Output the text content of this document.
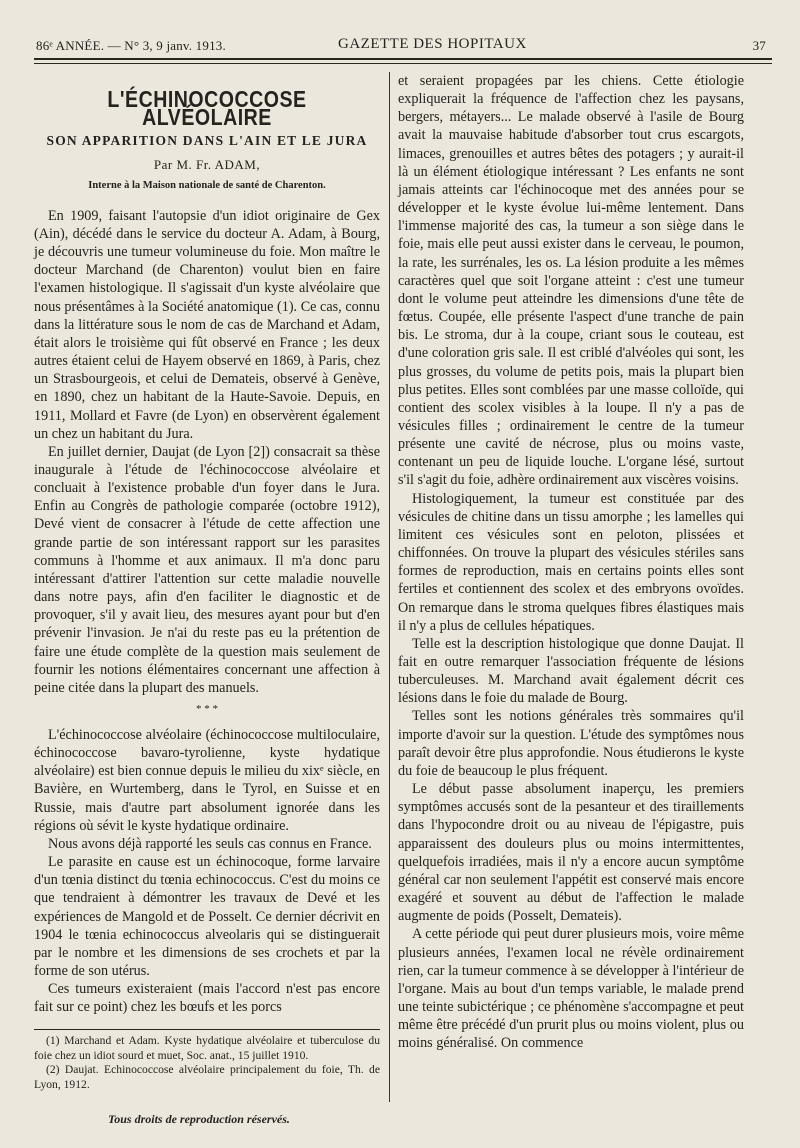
86ᵉ ANNÉE. — N° 3, 9 janv. 1913.	GAZETTE DES HOPITAUX	37
L'ÉCHINOCOCCOSE ALVÉOLAIRE
SON APPARITION DANS L'AIN ET LE JURA
Par M. Fr. ADAM,
Interne à la Maison nationale de santé de Charenton.

En 1909, faisant l'autopsie d'un idiot originaire de Gex (Ain), décédé dans le service du docteur A. Adam, à Bourg, je découvris une tumeur volumineuse du foie. Mon maître le docteur Marchand (de Charenton) voulut bien en faire l'examen histologique. Il s'agissait d'un kyste alvéolaire que nous présentâmes à la Société anatomique (1). Ce cas, connu dans la littérature sous le nom de cas de Marchand et Adam, était alors le troisième qui fût observé en France ; les deux autres étaient celui de Hayem observé en 1869, à Paris, chez un Strasbourgeois, et celui de Demateis, observé à Genève, en 1890, chez un habitant de la Haute-Savoie. Depuis, en 1911, Mollard et Favre (de Lyon) en observèrent également un chez un habitant du Jura.

En juillet dernier, Daujat (de Lyon [2]) consacrait sa thèse inaugurale à l'étude de l'échinococcose alvéolaire et concluait à l'existence probable d'un foyer dans le Jura. Enfin au Congrès de pathologie comparée (octobre 1912), Devé vient de consacrer à l'étude de cette affection une grande partie de son intéressant rapport sur les parasites communs à l'homme et aux animaux. Il m'a donc paru intéressant d'attirer l'attention sur cette maladie nouvelle dans notre pays, afin d'en faciliter le diagnostic et de provoquer, s'il y avait lieu, des mesures ayant pour but d'en prévenir l'invasion. Je n'ai du reste pas eu la prétention de faire une étude complète de la question mais seulement de fournir les notions élémentaires concernant une affection à peine citée dans la plupart des manuels.

* * *

L'échinococcose alvéolaire (échinococcose multiloculaire, échinococcose bavaro-tyrolienne, kyste hydatique alvéolaire) est bien connue depuis le milieu du xixᵉ siècle, en Bavière, en Wurtemberg, dans le Tyrol, en Suisse et en Russie, mais d'autre part absolument ignorée dans les régions où sévit le kyste hydatique ordinaire.

Nous avons déjà rapporté les seuls cas connus en France.

Le parasite en cause est un échinocoque, forme larvaire d'un tœnia distinct du tœnia echinococcus. C'est du moins ce que tendraient à démontrer les travaux de Devé et les expériences de Mangold et de Posselt. Ce dernier décrivit en 1904 le tœnia echinococcus alveolaris qui se distinguerait par le nombre et les dimensions de ses crochets et par la forme de son utérus.

Ces tumeurs existeraient (mais l'accord n'est pas encore fait sur ce point) chez les bœufs et les porcs

(1) Marchand et Adam. Kyste hydatique alvéolaire et tuberculose du foie chez un idiot sourd et muet, Soc. anat., 15 juillet 1910.

(2) Daujat. Echinococcose alvéolaire principalement du foie, Th. de Lyon, 1912.

et seraient propagées par les chiens. Cette étiologie expliquerait la fréquence de l'affection chez les paysans, bergers, métayers... Le malade observé à l'asile de Bourg avait la mauvaise habitude d'absorber tout crus escargots, limaces, grenouilles et autres bêtes des potagers ; y aurait-il là un élément étiologique intéressant ? Les enfants ne sont jamais atteints car l'échinocoque met des années pour se développer et le kyste évolue lui-même lentement. Dans l'immense majorité des cas, la tumeur a son siège dans le foie, mais elle peut aussi exister dans le cerveau, le poumon, la rate, les surrénales, les os. La lésion produite a les mêmes caractères quel que soit l'organe atteint : c'est une tumeur dont le volume peut atteindre les dimensions d'une tête de fœtus. Coupée, elle présente l'aspect d'une tranche de pain bis. Le stroma, dur à la coupe, criant sous le couteau, est d'une coloration gris sale. Il est criblé d'alvéoles qui sont, les plus grosses, du volume de petits pois, mais la plupart bien plus petites. Elles sont comblées par une masse colloïde, qui contient des scolex visibles à la loupe. Il n'y a pas de vésicules filles ; ordinairement le centre de la tumeur présente une cavité de nécrose, plus ou moins vaste, contenant un peu de liquide louche. L'organe lésé, surtout s'il s'agit du foie, adhère ordinairement aux viscères voisins.

Histologiquement, la tumeur est constituée par des vésicules de chitine dans un tissu amorphe ; les lamelles qui limitent ces vésicules sont en peloton, plissées et chiffonnées. On trouve la plupart des vésicules stériles sans formes de reproduction, mais en certains points elles sont fertiles et contiennent des scolex et des embryons ovoïdes. On remarque dans le stroma quelques fibres élastiques mais il n'y a plus de cellules hépatiques.

Telle est la description histologique que donne Daujat. Il fait en outre remarquer l'association fréquente de lésions tuberculeuses. M. Marchand avait également décrit ces lésions dans le foie du malade de Bourg.

Telles sont les notions générales très sommaires qu'il importe d'avoir sur la question. L'étude des symptômes nous paraît devoir être plus approfondie. Nous étudierons le kyste du foie de beaucoup le plus fréquent.

Le début passe absolument inaperçu, les premiers symptômes accusés sont de la pesanteur et des tiraillements dans l'hypocondre droit ou au niveau de l'épigastre, puis apparaissent des douleurs plus ou moins intermittentes, quelquefois irradiées, mais il n'y a encore aucun symptôme général car non seulement l'appétit est conservé mais encore exagéré et souvent au début de l'affection le malade augmente de poids (Posselt, Demateis).

A cette période qui peut durer plusieurs mois, voire même plusieurs années, l'examen local ne révèle ordinairement rien, car la tumeur commence à se développer à l'intérieur de l'organe. Mais au bout d'un temps variable, le malade prend une teinte subictérique ; ce phénomène s'accompagne et peut même être précédé d'un prurit plus ou moins violent, plus ou moins généralisé. On commence

Tous droits de reproduction réservés.
